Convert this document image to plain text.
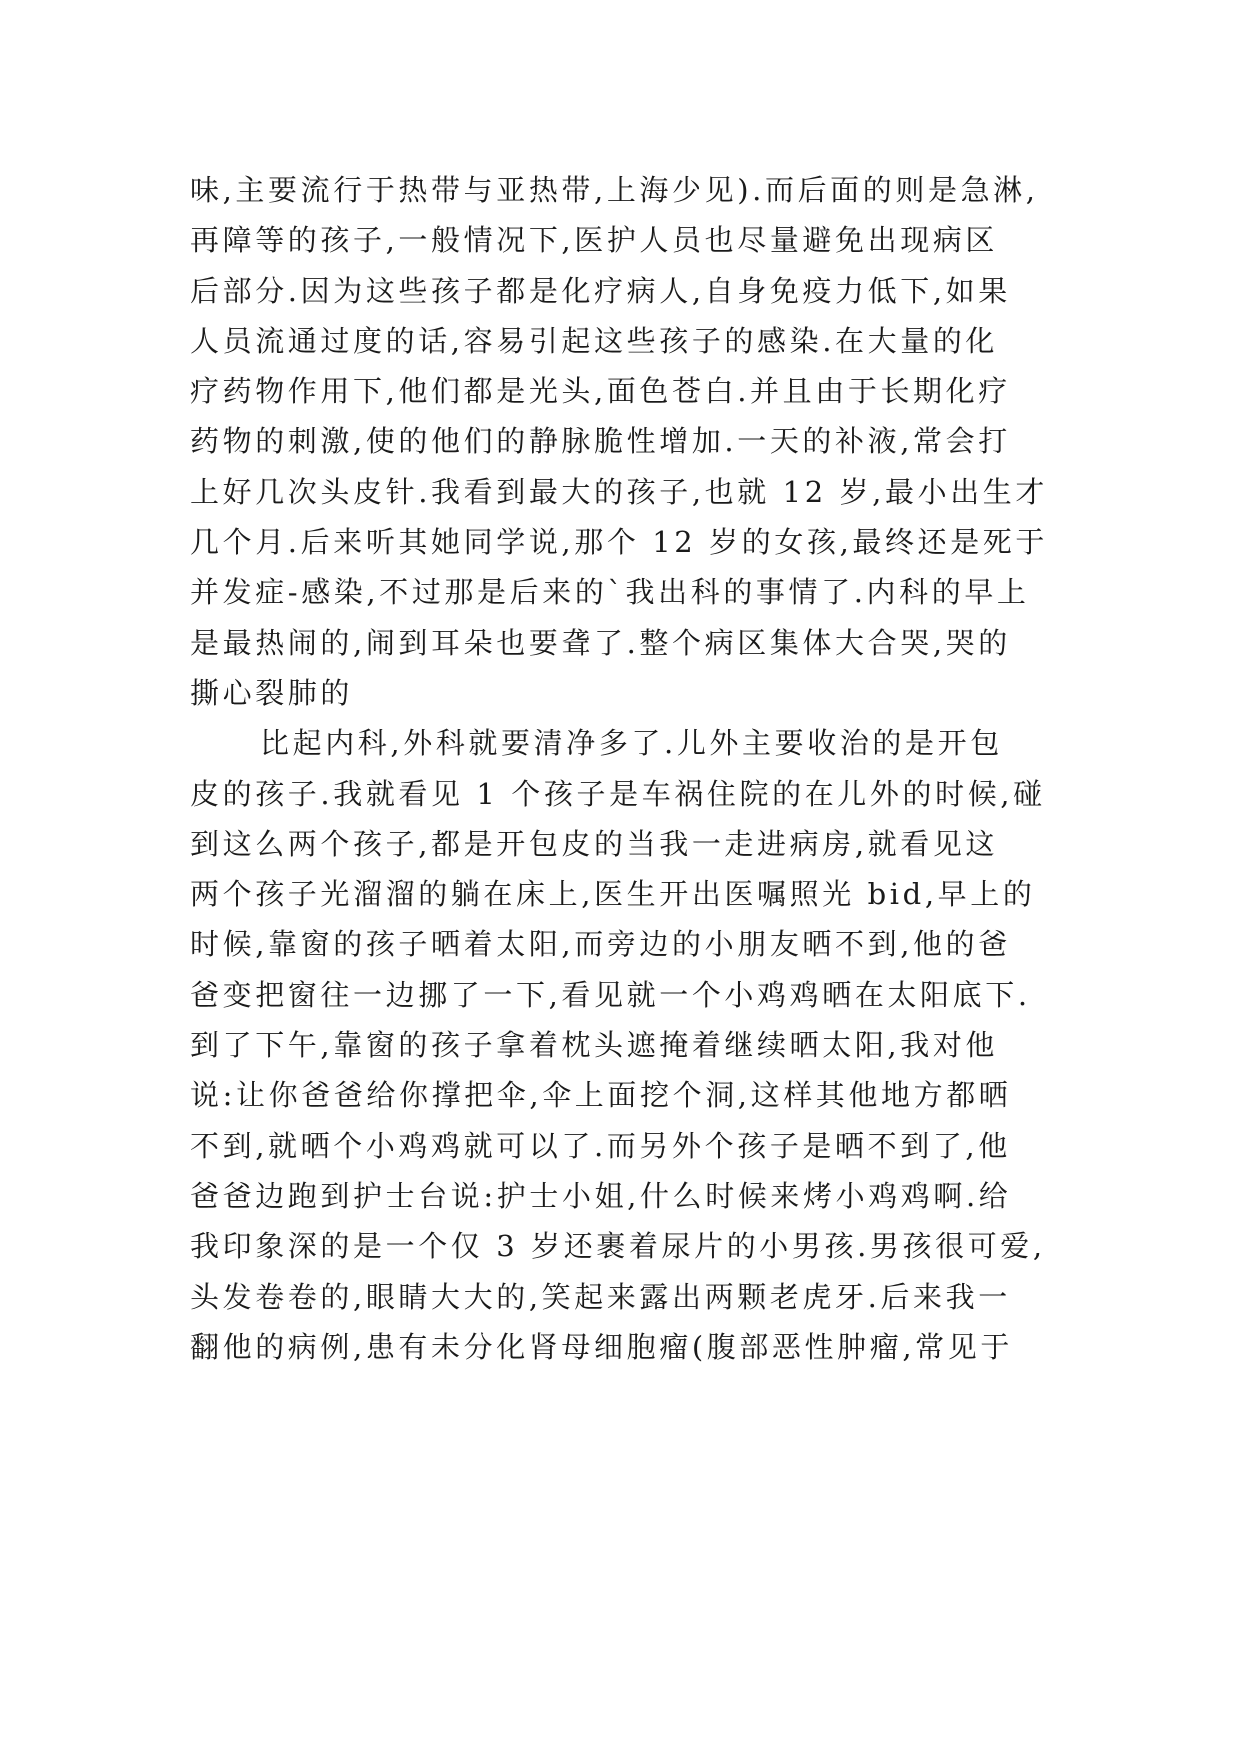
味,主要流行于热带与亚热带,上海少见).而后面的则是急淋,
再障等的孩子,一般情况下,医护人员也尽量避免出现病区
后部分.因为这些孩子都是化疗病人,自身免疫力低下,如果
人员流通过度的话,容易引起这些孩子的感染.在大量的化
疗药物作用下,他们都是光头,面色苍白.并且由于长期化疗
药物的刺激,使的他们的静脉脆性增加.一天的补液,常会打
上好几次头皮针.我看到最大的孩子,也就 12 岁,最小出生才
几个月.后来听其她同学说,那个 12 岁的女孩,最终还是死于
并发症-感染,不过那是后来的`我出科的事情了.内科的早上
是最热闹的,闹到耳朵也要聋了.整个病区集体大合哭,哭的
撕心裂肺的
比起内科,外科就要清净多了.儿外主要收治的是开包
皮的孩子.我就看见 1 个孩子是车祸住院的在儿外的时候,碰
到这么两个孩子,都是开包皮的当我一走进病房,就看见这
两个孩子光溜溜的躺在床上,医生开出医嘱照光 bid,早上的
时候,靠窗的孩子晒着太阳,而旁边的小朋友晒不到,他的爸
爸变把窗往一边挪了一下,看见就一个小鸡鸡晒在太阳底下.
到了下午,靠窗的孩子拿着枕头遮掩着继续晒太阳,我对他
说:让你爸爸给你撑把伞,伞上面挖个洞,这样其他地方都晒
不到,就晒个小鸡鸡就可以了.而另外个孩子是晒不到了,他
爸爸边跑到护士台说:护士小姐,什么时候来烤小鸡鸡啊.给
我印象深的是一个仅 3 岁还裹着尿片的小男孩.男孩很可爱,
头发卷卷的,眼睛大大的,笑起来露出两颗老虎牙.后来我一
翻他的病例,患有未分化肾母细胞瘤(腹部恶性肿瘤,常见于
